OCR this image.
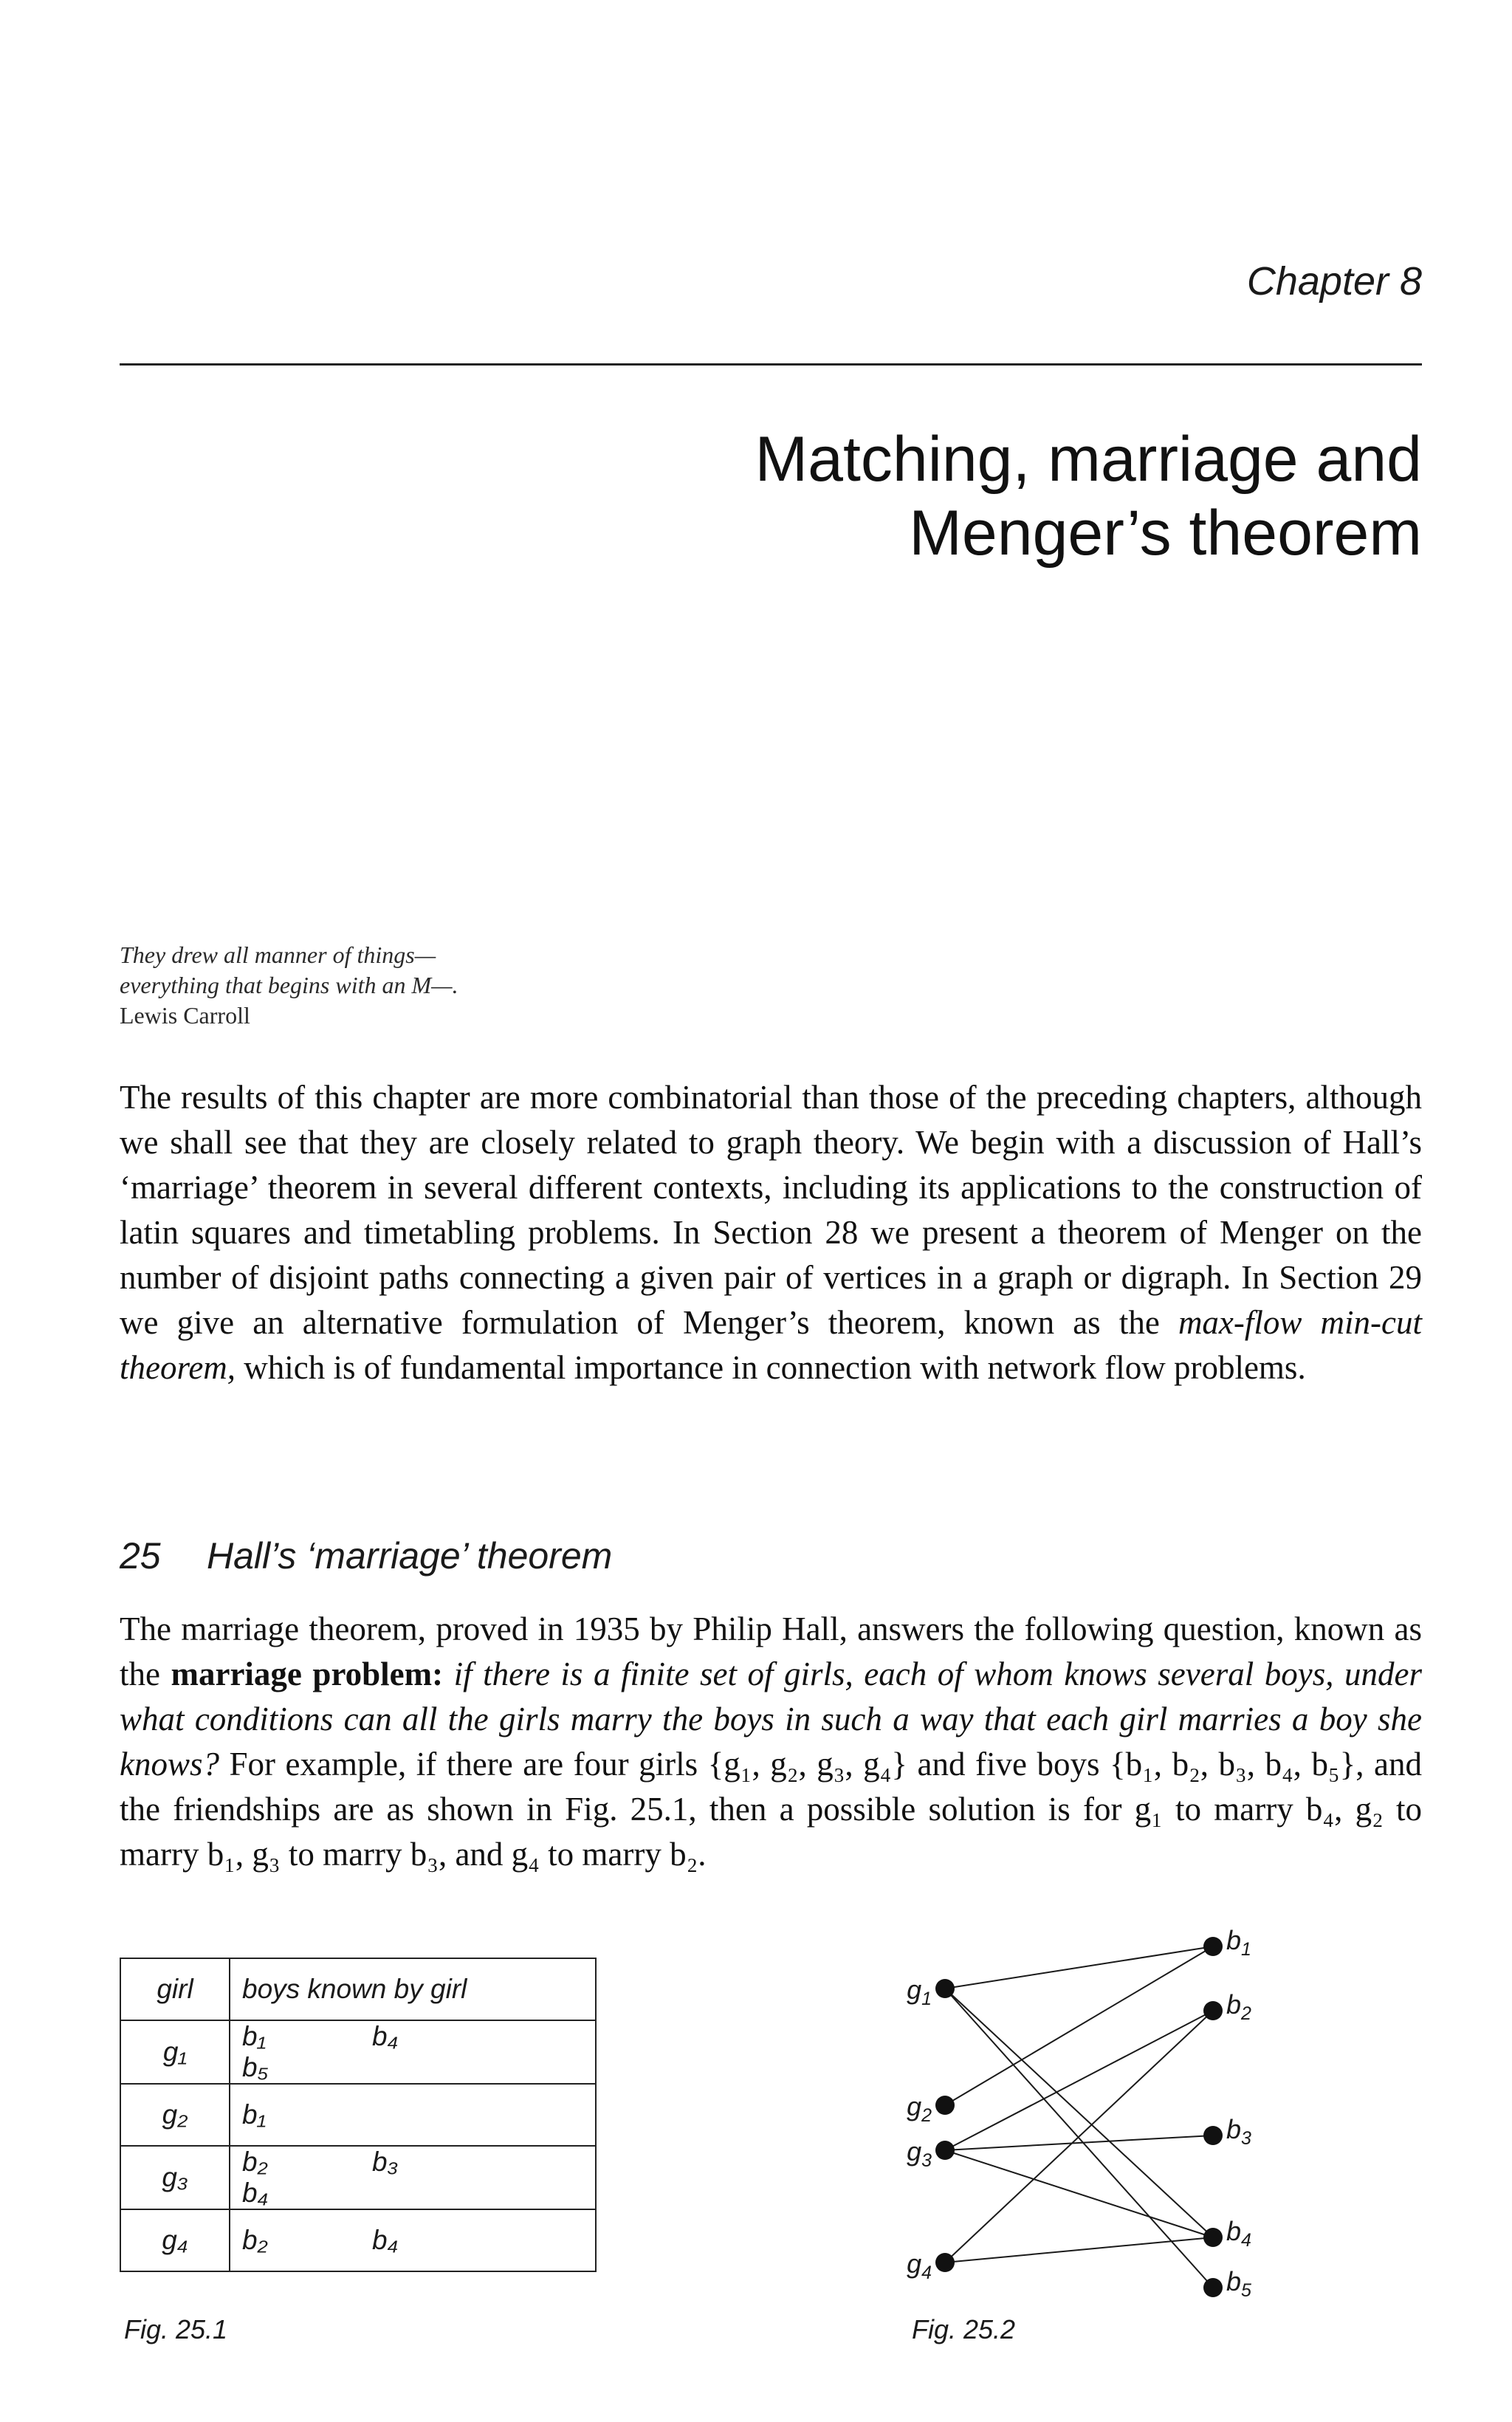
Chapter 8
Matching, marriage and
Menger’s theorem
They drew all manner of things—
everything that begins with an M—.
Lewis Carroll

The results of this chapter are more combinatorial than those of the preceding chapters, although we shall see that they are closely related to graph theory. We begin with a discussion of Hall’s ‘marriage’ theorem in several different contexts, including its applications to the construction of latin squares and timetabling problems. In Section 28 we present a theorem of Menger on the number of disjoint paths connecting a given pair of vertices in a graph or digraph. In Section 29 we give an alternative formulation of Menger’s theorem, known as the max-flow min-cut theorem, which is of fundamental importance in connection with network flow problems.

25 Hall’s ‘marriage’ theorem

The marriage theorem, proved in 1935 by Philip Hall, answers the following question, known as the marriage problem: if there is a finite set of girls, each of whom knows several boys, under what conditions can all the girls marry the boys in such a way that each girl marries a boy she knows? For example, if there are four girls {g₁, g₂, g₃, g₄} and five boys {b₁, b₂, b₃, b₄, b₅}, and the friendships are as shown in Fig. 25.1, then a possible solution is for g₁ to marry b₄, g₂ to marry b₁, g₃ to marry b₃, and g₄ to marry b₂.

girl	boys known by girl
g₁	b₁ b₄b₅
g₂	b₁
g₃	b₂ b₃b₄
g₄	b₂ b₄
Fig. 25.1
$g_1$
$g_2$
$g_3$
$g_4$
$b_1$
$b_2$
$b_3$
$b_4$
$b_5$
Fig. 25.2
